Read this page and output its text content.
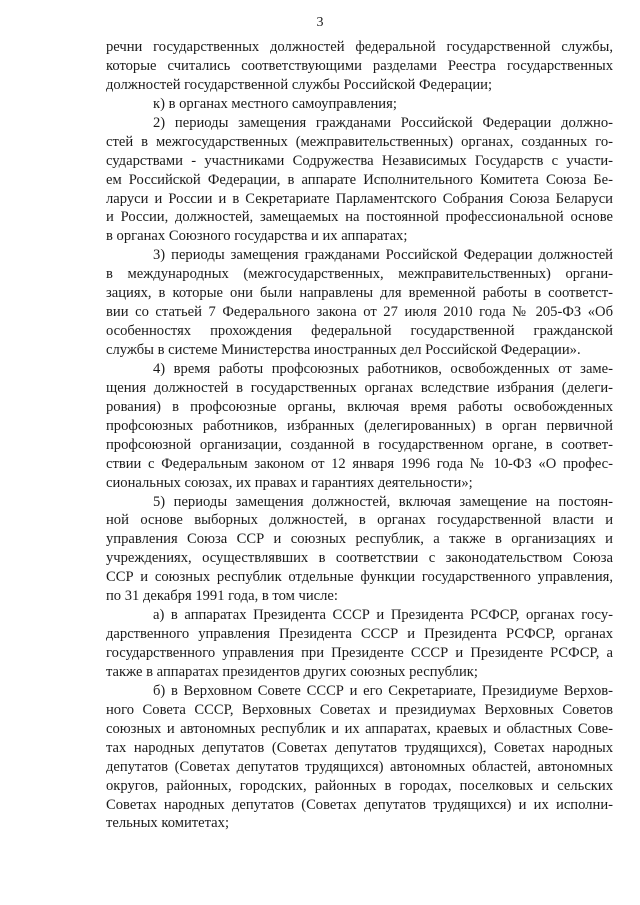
3
речни государственных должностей федеральной государственной службы,
которые считались соответствующими разделами Реестра государственных
должностей государственной службы Российской Федерации;
к) в органах местного самоуправления;
2) периоды замещения гражданами Российской Федерации должно-
стей в межгосударственных (межправительственных) органах, созданных го-
сударствами - участниками Содружества Независимых Государств с участи-
ем Российской Федерации, в аппарате Исполнительного Комитета Союза Бе-
ларуси и России и в Секретариате Парламентского Собрания Союза Беларуси
и России, должностей, замещаемых на постоянной профессиональной основе
в органах Союзного государства и их аппаратах;
3) периоды замещения гражданами Российской Федерации должностей
в международных (межгосударственных, межправительственных) органи-
зациях, в которые они были направлены для временной работы в соответст-
вии со статьей 7 Федерального закона от 27 июля 2010 года № 205-ФЗ «Об
особенностях прохождения федеральной государственной гражданской
службы в системе Министерства иностранных дел Российской Федерации».
4) время работы профсоюзных работников, освобожденных от заме-
щения должностей в государственных органах вследствие избрания (делеги-
рования) в профсоюзные органы, включая время работы освобожденных
профсоюзных работников, избранных (делегированных) в орган первичной
профсоюзной организации, созданной в государственном органе, в соответ-
ствии с Федеральным законом от 12 января 1996 года № 10-ФЗ «О профес-
сиональных союзах, их правах и гарантиях деятельности»;
5) периоды замещения должностей, включая замещение на постоян-
ной основе выборных должностей, в органах государственной власти и
управления Союза ССР и союзных республик, а также в организациях и
учреждениях, осуществлявших в соответствии с законодательством Союза
ССР и союзных республик отдельные функции государственного управления,
по 31 декабря 1991 года, в том числе:
а) в аппаратах Президента СССР и Президента РСФСР, органах госу-
дарственного управления Президента СССР и Президента РСФСР, органах
государственного управления при Президенте СССР и Президенте РСФСР, а
также в аппаратах президентов других союзных республик;
б) в Верховном Совете СССР и его Секретариате, Президиуме Верхов-
ного Совета СССР, Верховных Советах и президиумах Верховных Советов
союзных и автономных республик и их аппаратах, краевых и областных Сове-
тах народных депутатов (Советах депутатов трудящихся), Советах народных
депутатов (Советах депутатов трудящихся) автономных областей, автономных
округов, районных, городских, районных в городах, поселковых и сельских
Советах народных депутатов (Советах депутатов трудящихся) и их исполни-
тельных комитетах;
